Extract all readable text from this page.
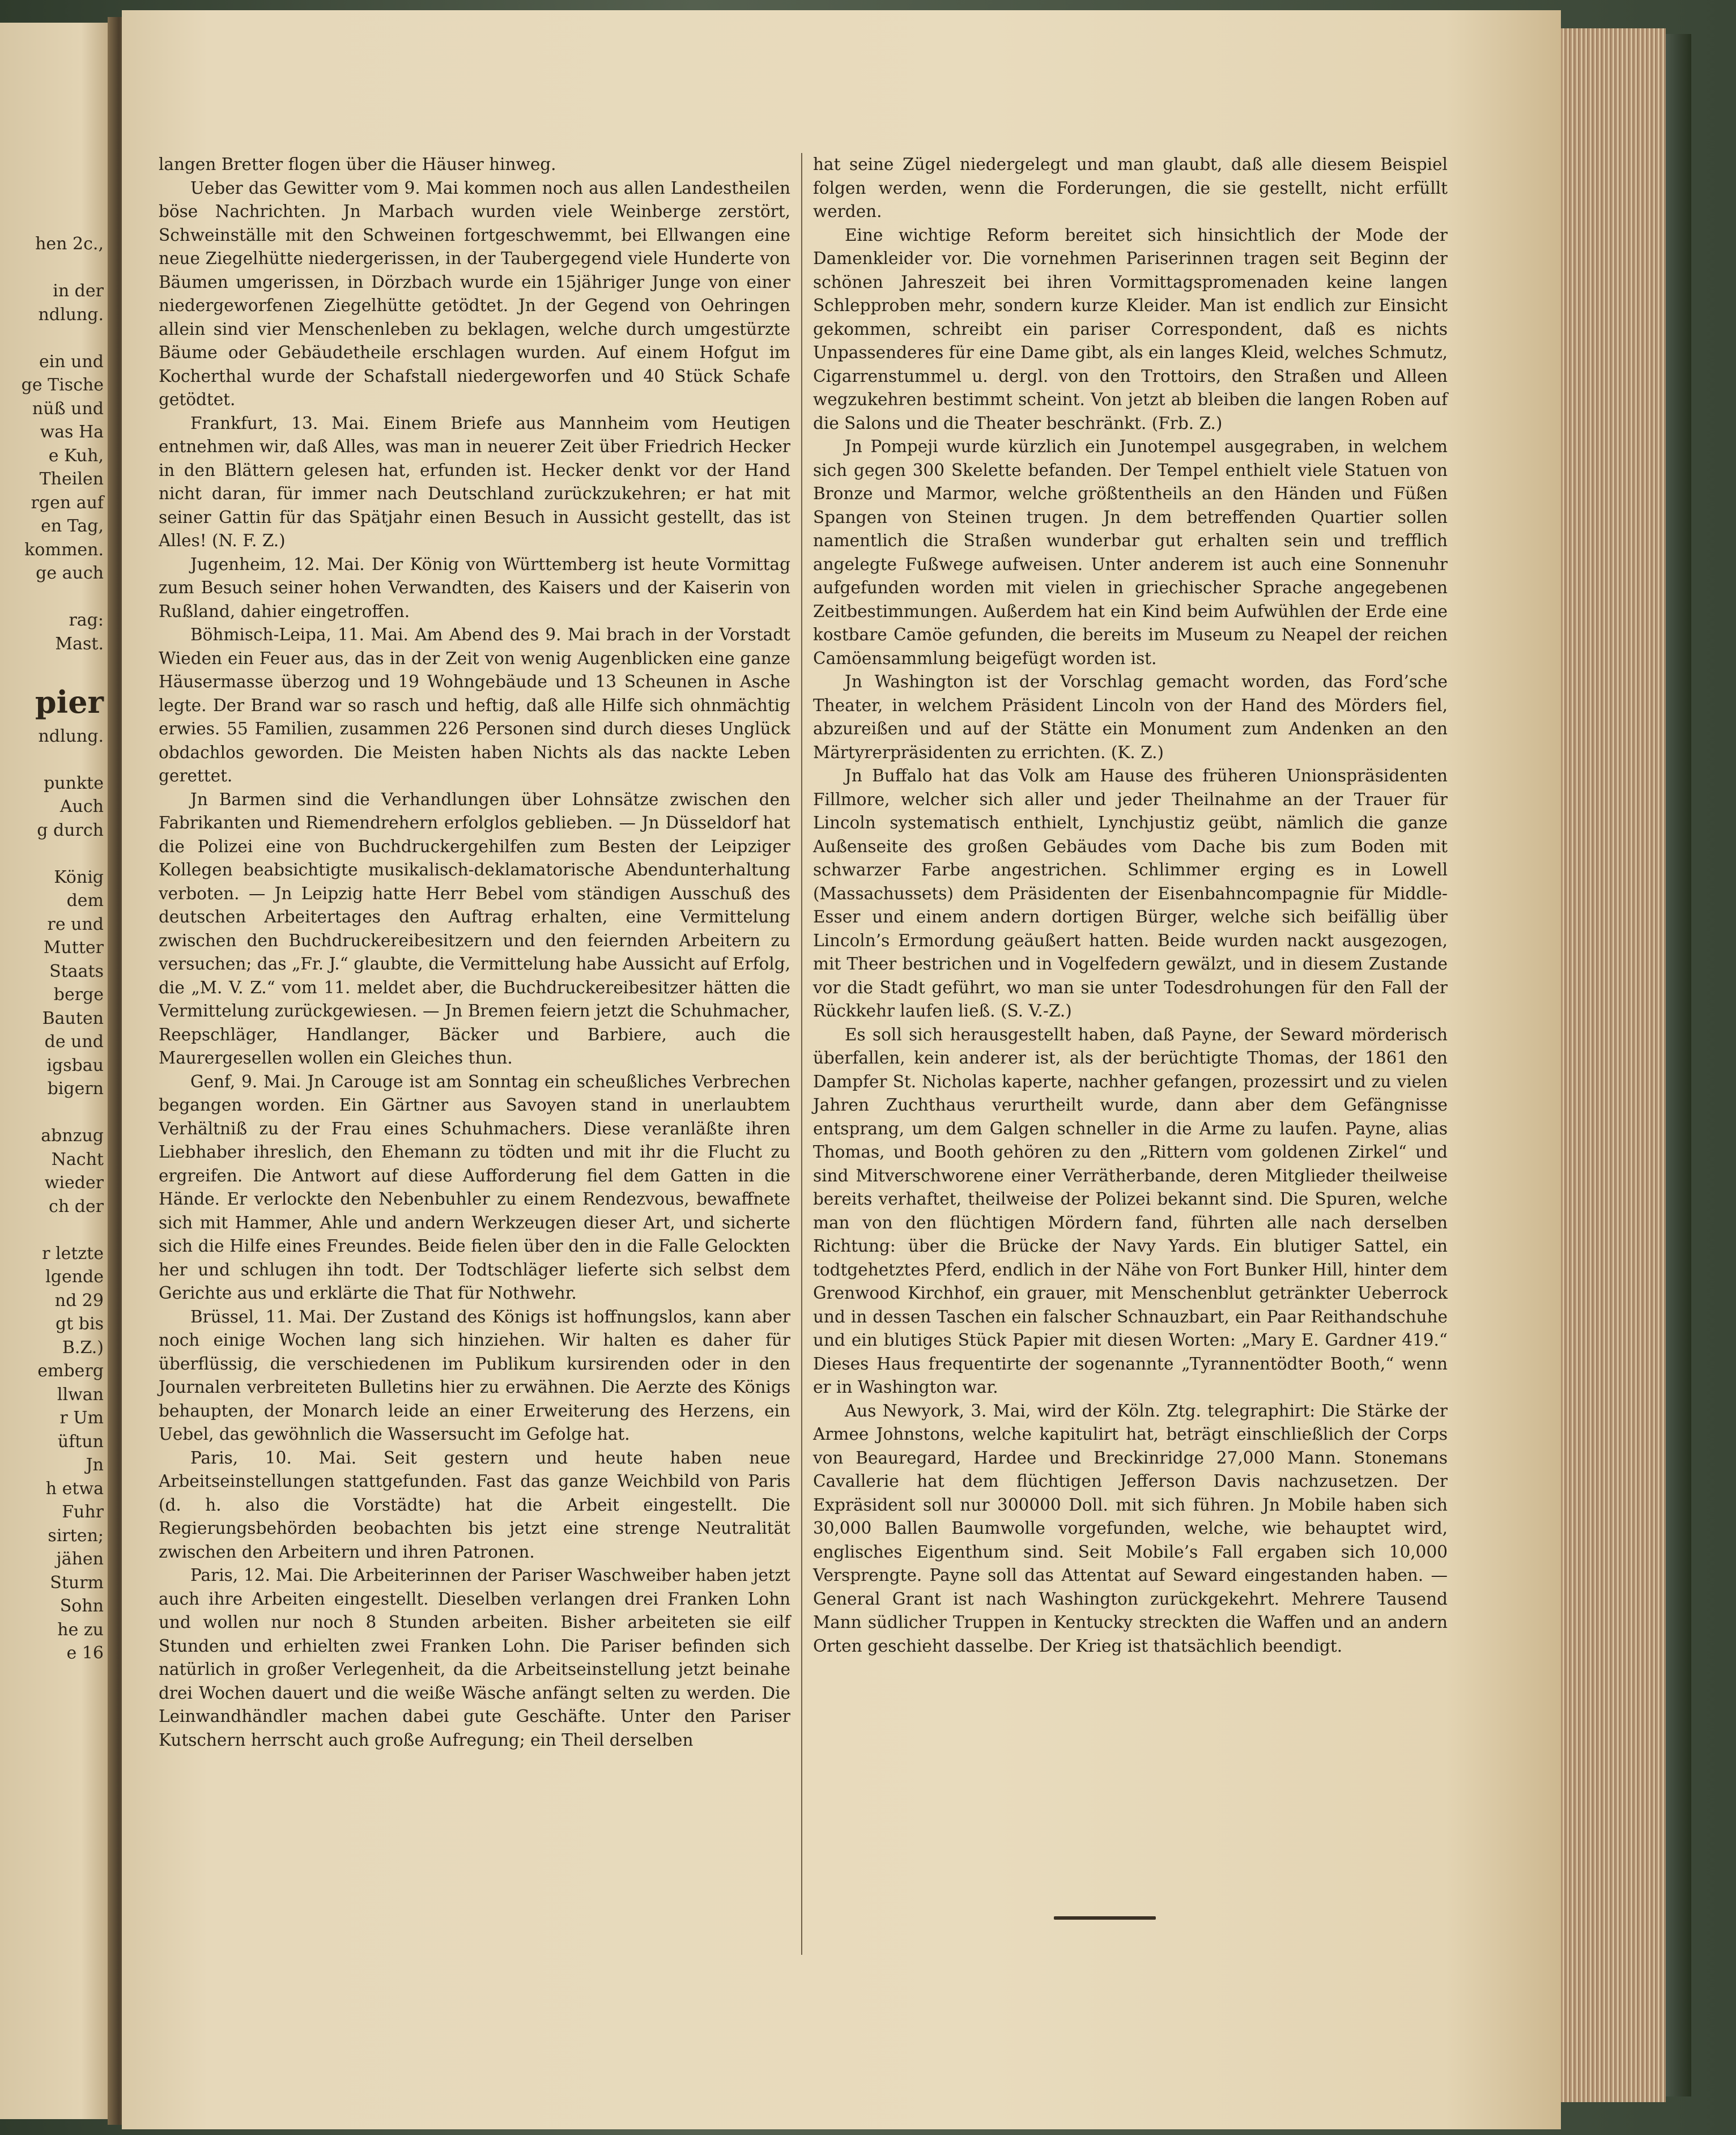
hen 2c.,

in der
ndlung.

ein und
ge Tische
nüß und
was Ha
e Kuh,
Theilen
rgen auf
en Tag,
kommen.
ge auch

rag:
Mast.

pier
ndlung.

punkte
Auch
g durch

König
dem
re und
Mutter
Staats
berge
Bauten
de und
igsbau
bigern

abnzug
Nacht
wieder
ch der

r letzte
lgende
nd 29
gt bis
B.Z.)
emberg
llwan
r Um
üftun
Jn
h etwa
Fuhr
sirten;
jähen
Sturm
Sohn
he zu
e 16

langen Bretter flogen über die Häuser hinweg.

Ueber das Gewitter vom 9. Mai kommen noch aus allen Landestheilen böse Nachrichten. Jn Marbach wurden viele Weinberge zerstört, Schweinställe mit den Schweinen fortgeschwemmt, bei Ellwangen eine neue Ziegelhütte niedergerissen, in der Taubergegend viele Hunderte von Bäumen umgerissen, in Dörzbach wurde ein 15jähriger Junge von einer niedergeworfenen Ziegelhütte getödtet. Jn der Gegend von Oehringen allein sind vier Menschenleben zu beklagen, welche durch umgestürzte Bäume oder Gebäudetheile erschlagen wurden. Auf einem Hofgut im Kocherthal wurde der Schafstall niedergeworfen und 40 Stück Schafe getödtet.

Frankfurt, 13. Mai. Einem Briefe aus Mannheim vom Heutigen entnehmen wir, daß Alles, was man in neuerer Zeit über Friedrich Hecker in den Blättern gelesen hat, erfunden ist. Hecker denkt vor der Hand nicht daran, für immer nach Deutschland zurückzukehren; er hat mit seiner Gattin für das Spätjahr einen Besuch in Aussicht gestellt, das ist Alles! (N. F. Z.)

Jugenheim, 12. Mai. Der König von Württemberg ist heute Vormittag zum Besuch seiner hohen Verwandten, des Kaisers und der Kaiserin von Rußland, dahier eingetroffen.

Böhmisch-Leipa, 11. Mai. Am Abend des 9. Mai brach in der Vorstadt Wieden ein Feuer aus, das in der Zeit von wenig Augenblicken eine ganze Häusermasse überzog und 19 Wohngebäude und 13 Scheunen in Asche legte. Der Brand war so rasch und heftig, daß alle Hilfe sich ohnmächtig erwies. 55 Familien, zusammen 226 Personen sind durch dieses Unglück obdachlos geworden. Die Meisten haben Nichts als das nackte Leben gerettet.

Jn Barmen sind die Verhandlungen über Lohnsätze zwischen den Fabrikanten und Riemendrehern erfolglos geblieben. — Jn Düsseldorf hat die Polizei eine von Buchdruckergehilfen zum Besten der Leipziger Kollegen beabsichtigte musikalisch-deklamatorische Abendunterhaltung verboten. — Jn Leipzig hatte Herr Bebel vom ständigen Ausschuß des deutschen Arbeitertages den Auftrag erhalten, eine Vermittelung zwischen den Buchdruckereibesitzern und den feiernden Arbeitern zu versuchen; das „Fr. J.“ glaubte, die Vermittelung habe Aussicht auf Erfolg, die „M. V. Z.“ vom 11. meldet aber, die Buchdruckereibesitzer hätten die Vermittelung zurückgewiesen. — Jn Bremen feiern jetzt die Schuhmacher, Reepschläger, Handlanger, Bäcker und Barbiere, auch die Maurergesellen wollen ein Gleiches thun.

Genf, 9. Mai. Jn Carouge ist am Sonntag ein scheußliches Verbrechen begangen worden. Ein Gärtner aus Savoyen stand in unerlaubtem Verhältniß zu der Frau eines Schuhmachers. Diese veranläßte ihren Liebhaber ihreslich, den Ehemann zu tödten und mit ihr die Flucht zu ergreifen. Die Antwort auf diese Aufforderung fiel dem Gatten in die Hände. Er verlockte den Nebenbuhler zu einem Rendezvous, bewaffnete sich mit Hammer, Ahle und andern Werkzeugen dieser Art, und sicherte sich die Hilfe eines Freundes. Beide fielen über den in die Falle Gelockten her und schlugen ihn todt. Der Todtschläger lieferte sich selbst dem Gerichte aus und erklärte die That für Nothwehr.

Brüssel, 11. Mai. Der Zustand des Königs ist hoffnungslos, kann aber noch einige Wochen lang sich hinziehen. Wir halten es daher für überflüssig, die verschiedenen im Publikum kursirenden oder in den Journalen verbreiteten Bulletins hier zu erwähnen. Die Aerzte des Königs behaupten, der Monarch leide an einer Erweiterung des Herzens, ein Uebel, das gewöhnlich die Wassersucht im Gefolge hat.

Paris, 10. Mai. Seit gestern und heute haben neue Arbeitseinstellungen stattgefunden. Fast das ganze Weichbild von Paris (d. h. also die Vorstädte) hat die Arbeit eingestellt. Die Regierungsbehörden beobachten bis jetzt eine strenge Neutralität zwischen den Arbeitern und ihren Patronen.

Paris, 12. Mai. Die Arbeiterinnen der Pariser Waschweiber haben jetzt auch ihre Arbeiten eingestellt. Dieselben verlangen drei Franken Lohn und wollen nur noch 8 Stunden arbeiten. Bisher arbeiteten sie eilf Stunden und erhielten zwei Franken Lohn. Die Pariser befinden sich natürlich in großer Verlegenheit, da die Arbeitseinstellung jetzt beinahe drei Wochen dauert und die weiße Wäsche anfängt selten zu werden. Die Leinwandhändler machen dabei gute Geschäfte. Unter den Pariser Kutschern herrscht auch große Aufregung; ein Theil derselben

hat seine Zügel niedergelegt und man glaubt, daß alle diesem Beispiel folgen werden, wenn die Forderungen, die sie gestellt, nicht erfüllt werden.

Eine wichtige Reform bereitet sich hinsichtlich der Mode der Damenkleider vor. Die vornehmen Pariserinnen tragen seit Beginn der schönen Jahreszeit bei ihren Vormittagspromenaden keine langen Schlepproben mehr, sondern kurze Kleider. Man ist endlich zur Einsicht gekommen, schreibt ein pariser Correspondent, daß es nichts Unpassenderes für eine Dame gibt, als ein langes Kleid, welches Schmutz, Cigarrenstummel u. dergl. von den Trottoirs, den Straßen und Alleen wegzukehren bestimmt scheint. Von jetzt ab bleiben die langen Roben auf die Salons und die Theater beschränkt. (Frb. Z.)

Jn Pompeji wurde kürzlich ein Junotempel ausgegraben, in welchem sich gegen 300 Skelette befanden. Der Tempel enthielt viele Statuen von Bronze und Marmor, welche größtentheils an den Händen und Füßen Spangen von Steinen trugen. Jn dem betreffenden Quartier sollen namentlich die Straßen wunderbar gut erhalten sein und trefflich angelegte Fußwege aufweisen. Unter anderem ist auch eine Sonnenuhr aufgefunden worden mit vielen in griechischer Sprache angegebenen Zeitbestimmungen. Außerdem hat ein Kind beim Aufwühlen der Erde eine kostbare Camöe gefunden, die bereits im Museum zu Neapel der reichen Camöensammlung beigefügt worden ist.

Jn Washington ist der Vorschlag gemacht worden, das Ford’sche Theater, in welchem Präsident Lincoln von der Hand des Mörders fiel, abzureißen und auf der Stätte ein Monument zum Andenken an den Märtyrerpräsidenten zu errichten. (K. Z.)

Jn Buffalo hat das Volk am Hause des früheren Unionspräsidenten Fillmore, welcher sich aller und jeder Theilnahme an der Trauer für Lincoln systematisch enthielt, Lynchjustiz geübt, nämlich die ganze Außenseite des großen Gebäudes vom Dache bis zum Boden mit schwarzer Farbe angestrichen. Schlimmer erging es in Lowell (Massachussets) dem Präsidenten der Eisenbahncompagnie für Middle-Esser und einem andern dortigen Bürger, welche sich beifällig über Lincoln’s Ermordung geäußert hatten. Beide wurden nackt ausgezogen, mit Theer bestrichen und in Vogelfedern gewälzt, und in diesem Zustande vor die Stadt geführt, wo man sie unter Todesdrohungen für den Fall der Rückkehr laufen ließ. (S. V.-Z.)

Es soll sich herausgestellt haben, daß Payne, der Seward mörderisch überfallen, kein anderer ist, als der berüchtigte Thomas, der 1861 den Dampfer St. Nicholas kaperte, nachher gefangen, prozessirt und zu vielen Jahren Zuchthaus verurtheilt wurde, dann aber dem Gefängnisse entsprang, um dem Galgen schneller in die Arme zu laufen. Payne, alias Thomas, und Booth gehören zu den „Rittern vom goldenen Zirkel“ und sind Mitverschworene einer Verrätherbande, deren Mitglieder theilweise bereits verhaftet, theilweise der Polizei bekannt sind. Die Spuren, welche man von den flüchtigen Mördern fand, führten alle nach derselben Richtung: über die Brücke der Navy Yards. Ein blutiger Sattel, ein todtgehetztes Pferd, endlich in der Nähe von Fort Bunker Hill, hinter dem Grenwood Kirchhof, ein grauer, mit Menschenblut getränkter Ueberrock und in dessen Taschen ein falscher Schnauzbart, ein Paar Reithandschuhe und ein blutiges Stück Papier mit diesen Worten: „Mary E. Gardner 419.“ Dieses Haus frequentirte der sogenannte „Tyrannentödter Booth,“ wenn er in Washington war.

Aus Newyork, 3. Mai, wird der Köln. Ztg. telegraphirt: Die Stärke der Armee Johnstons, welche kapitulirt hat, beträgt einschließlich der Corps von Beauregard, Hardee und Breckinridge 27,000 Mann. Stonemans Cavallerie hat dem flüchtigen Jefferson Davis nachzusetzen. Der Expräsident soll nur 300000 Doll. mit sich führen. Jn Mobile haben sich 30,000 Ballen Baumwolle vorgefunden, welche, wie behauptet wird, englisches Eigenthum sind. Seit Mobile’s Fall ergaben sich 10,000 Versprengte. Payne soll das Attentat auf Seward eingestanden haben. — General Grant ist nach Washington zurückgekehrt. Mehrere Tausend Mann südlicher Truppen in Kentucky streckten die Waffen und an andern Orten geschieht dasselbe. Der Krieg ist thatsächlich beendigt.
